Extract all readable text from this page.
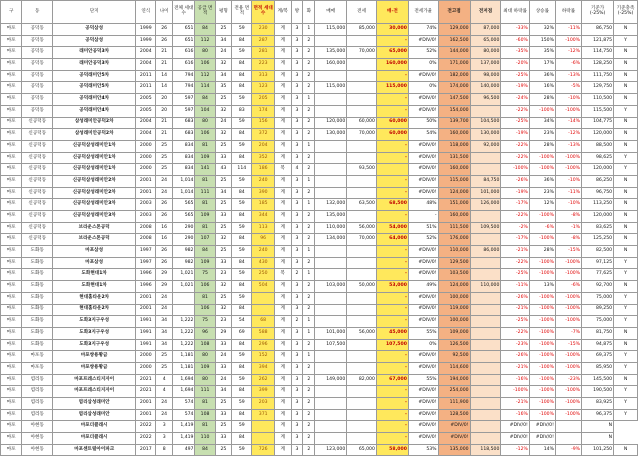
구	동	단지	연식	나이	전체 세대수	공급 면적	평형	전용 면적	면적 세대수	계/복	방	화	매매	전세	매-전	전세가율	전고점	전저점	최대 하락률	상승률	하락률	기준가 (-25%)	기준충족 (-25%)
마포	공덕동	공덕삼성	1999	26	651	84	25	59	230	계	3	1	115,000	85,000	30,000	74%	129,000	87,000	-33%	32%	-11%	86,750	N
마포	공덕동	공덕삼성	1999	26	651	112	34	84	287	계	3	2			-	#DIV/0!	162,500	65,000	-60%	150%	-100%	121,875	Y
마포	공덕동	래미안공덕3차	2004	21	616	80	24	59	281	계	3	2	135,000	70,000	65,000	52%	144,000	80,000	-35%	35%	-12%	114,750	N
마포	공덕동	래미안공덕3차	2004	21	616	106	32	84	223	계	3	2	160,000		160,000	0%	171,000	137,000	-20%	17%	-6%	128,250	N
마포	공덕동	공덕래미안5차	2011	14	794	112	34	84	313	계	3	2			-	#DIV/0!	182,000	98,000	-25%	36%	-13%	111,750	N
마포	공덕동	공덕래미안5차	2011	14	794	114	35	84	123	계	3	2	115,000		115,000	0%	174,000	140,000	-19%	16%	-5%	129,750	N
마포	공덕동	공덕래미안4차	2005	20	597	84	25	59	205	계	3	1			-	#DIV/0!	147,500	96,500	-24%	28%	-10%	110,500	N
마포	공덕동	공덕래미안4차	2005	20	597	104	32	83	174	계	3	2			-	#DIV/0!	154,000		-22%	-100%	-100%	115,500	Y
마포	신공덕동	삼성래미안공덕2차	2004	21	683	80	24	59	156	계	3	2	120,000	60,000	60,000	50%	139,700	104,500	-25%	34%	-14%	104,775	N
마포	신공덕동	삼성래미안공덕2차	2004	21	683	106	32	84	372	계	3	2	130,000	70,000	60,000	54%	160,000	130,000	-19%	23%	-12%	120,000	N
마포	신공덕동	신공덕삼성래미안1차	2000	25	834	81	25	59	204	계	3	1			-	#DIV/0!	118,000	92,000	-22%	28%	-13%	88,500	N
마포	신공덕동	신공덕삼성래미안1차	2000	25	834	109	33	84	352	계	3	2			-	#DIV/0!	131,500		-22%	-100%	-100%	98,625	Y
마포	신공덕동	신공덕삼성래미안1차	2000	25	834	141	43	114	186	복	4	2		93,500		#DIV/0!	160,000		-100%	-100%	-100%	120,000	Y
마포	신공덕동	신공덕삼성래미안2차	2001	24	1,014	81	25	59	240	계	3	1			-	#DIV/0!	115,000	84,750	-26%	36%	-10%	86,250	N
마포	신공덕동	신공덕삼성래미안2차	2001	24	1,014	111	34	84	390	계	3	2			-	#DIV/0!	124,000	101,000	-19%	23%	-11%	96,750	N
마포	신공덕동	신공덕삼성래미안3차	2003	26	565	81	25	59	185	계	3	1	132,000	63,500	68,500	48%	151,000	126,000	-17%	12%	-10%	113,250	N
마포	신공덕동	신공덕삼성래미안3차	2003	26	565	109	33	84	344	계	3	2	135,000		-	-	160,000		-22%	-100%	-8%	120,000	N
마포	신공덕동	브라운스톤공덕	2008	16	290	81	25	59	113	계	3	2	110,000	56,000	54,000	51%	111,500	109,500	-2%	-6%	-1%	83,625	N
마포	신공덕동	브라운스톤공덕	2008	16	290	107	32	84	96	계	3	2	134,000	70,000	64,000	52%	176,000		-17%	-100%	-8%	125,250	N
마포	도화동	마포삼성	1997	26	982	84	25	59	240	계	3	1			-	#DIV/0!	110,000	86,000	-21%	28%	-15%	82,500	N
마포	도화동	마포삼성	1997	26	982	109	33	84	430	계	3	2			-	#DIV/0!	129,500		-22%	-100%	-100%	97,125	Y
마포	도화동	도화현대1차	1996	29	1,021	75	23	59	250	복	2	1			-	#DIV/0!	103,500		-25%	-100%	-100%	77,625	Y
마포	도화동	도화현대1차	1996	29	1,021	106	32	84	504	계	3	2	103,000	50,000	53,000	49%	124,000	110,000	-11%	13%	-6%	92,700	N
마포	도화동	현대홈타운2차	2001	24		81	25	59		계	3	2			-	#DIV/0!	100,000		-26%	-100%	-100%	75,000	Y
마포	도화동	현대홈타운2차	2001	24		106	32	84		계	3	2			-	#DIV/0!	119,000		-21%	-100%	-100%	89,250	Y
마포	도화동	도화3지구우성	1991	34	1,222	75	23	54	68	계	2	1			-	#DIV/0!	100,000		-25%	-100%	-100%	75,000	Y
마포	도화동	도화3지구우성	1991	34	1,222	96	29	69	588	계	3	1	101,000	56,000	45,000	55%	109,000		-22%	-100%	-7%	81,750	N
마포	도화동	도화3지구우성	1991	34	1,222	108	33	84	296	계	3	2	107,500		107,500	0%	126,500		-23%	-100%	-15%	94,875	N
마포	마포동	마포쌍용황금	2000	25	1,181	80	24	59	152	계	3	1			-	#DIV/0!	92,500		-26%	-100%	-100%	69,375	Y
마포	마포동	마포쌍용황금	2000	25	1,181	109	33	84	394	계	3	2			-	#DIV/0!	114,600		-21%	-100%	-100%	85,950	Y
마포	염리동	마포프레스티지자이	2021	4	1,694	80	24	59	262	계	3	2	149,000	82,000	67,000	55%	194,000		-16%	-100%	-23%	145,500	N
마포	염리동	마포프레스티지자이	2021	4	1,694	111	34	84	399	계	3	2			-	#DIV/0!	254,000		-100%	-100%	-100%	190,500	Y
마포	염리동	염리삼성래미안	2001	24	574	81	25	59	203	계	3	2			-	#DIV/0!	111,900		-21%	-100%	-100%	83,925	Y
마포	염리동	염리삼성래미안	2001	24	574	108	33	84	371	계	3	2			-	#DIV/0!	128,500		-16%	-100%	-100%	96,375	Y
마포	아현동	마포더클래시	2022	3	1,419	81	25	59		계	3	2			-	#DIV/0!	#DIV/0!		#DIV/0!	#DIV/0!		N	
마포	아현동	마포더클래시	2022	3	1,419	110	33	84		계	3	2			-	#DIV/0!	#DIV/0!		#DIV/0!	#DIV/0!		N	
마포	아현동	마포센트럴아이파크	2017	8	497	84	25	59	726	계	3	2	123,000	65,000	58,000	53%	135,000	118,500	-12%	14%	-9%	101,250	N
